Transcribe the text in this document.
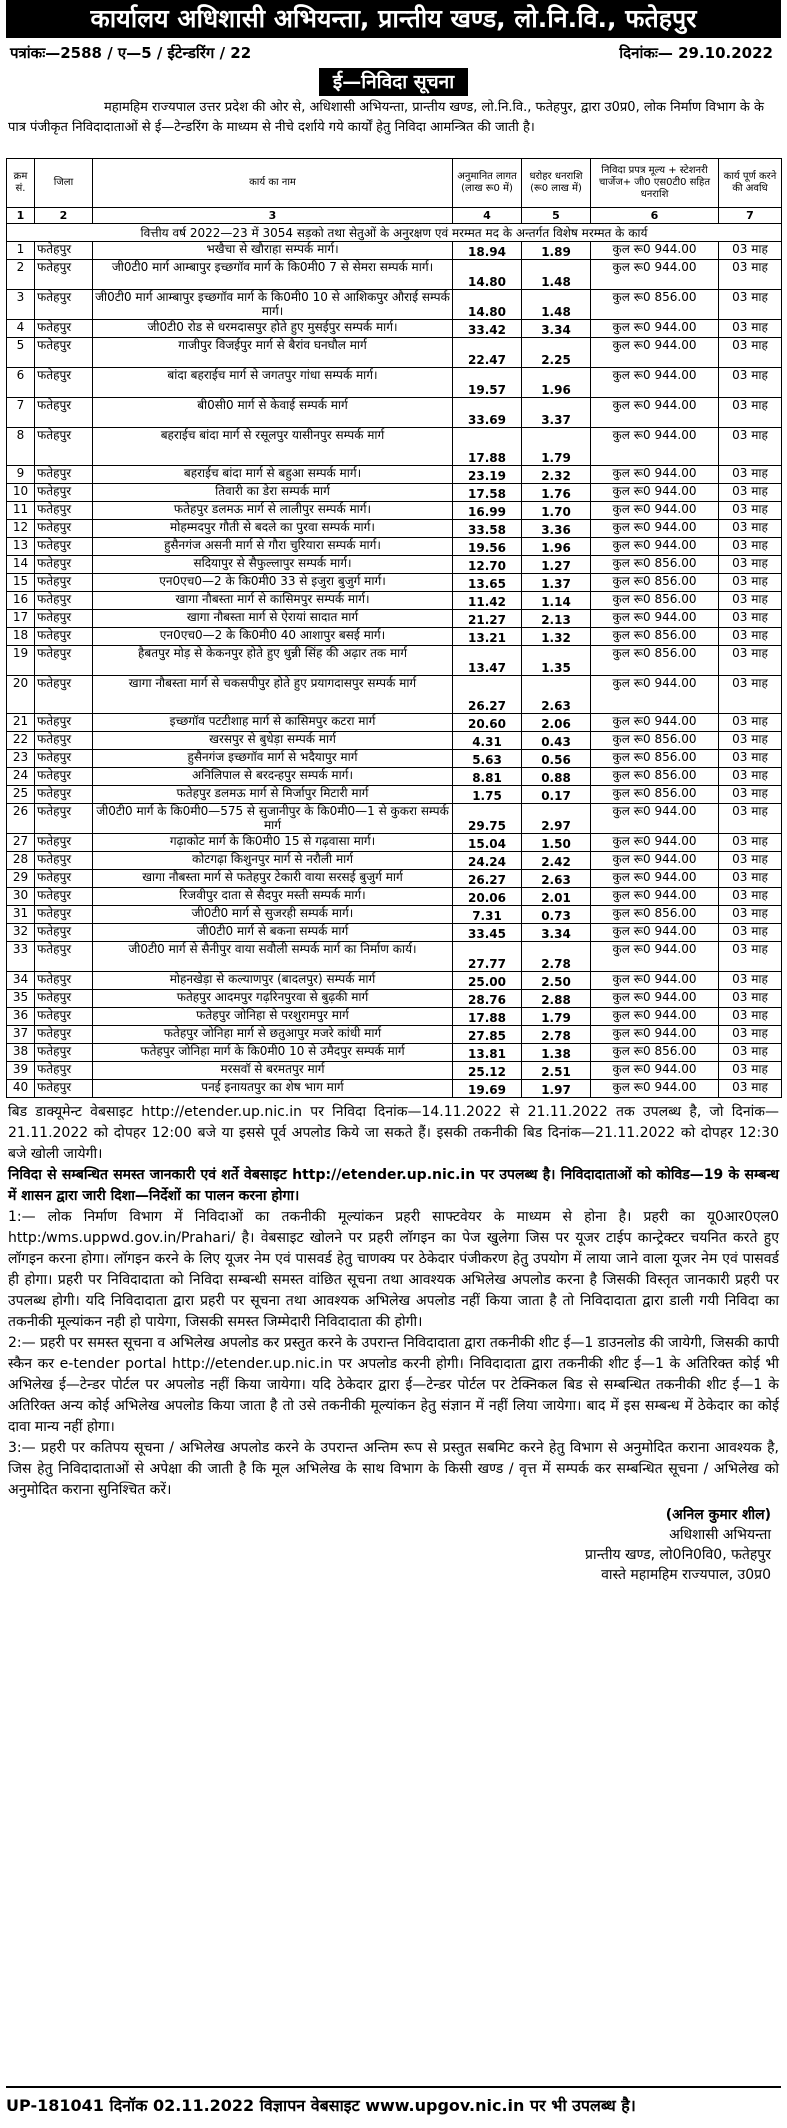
कार्यालय अधिशासी अभियन्ता, प्रान्तीय खण्ड, लो.नि.वि., फतेहपुर
पत्रांकः—2588 / ए—5 / ईटेन्डरिंग / 22	दिनांकः— 29.10.2022
ई—निविदा सूचना
महामहिम राज्यपाल उत्तर प्रदेश की ओर से, अधिशासी अभियन्ता, प्रान्तीय खण्ड, लो.नि.वि., फतेहपुर, द्वारा उ0प्र0, लोक निर्माण विभाग के के पात्र पंजीकृत निविदादाताओं से ई—टेन्डरिंग के माध्यम से नीचे दर्शाये गये कार्यों हेतु निविदा आमन्त्रित की जाती है।
क्रम सं.	जिला	कार्य का नाम	अनुमानित लागत (लाख रू0 में)	धरोहर धनराशि (रू0 लाख में)	निविदा प्रपत्र मूल्य + स्टेशनरी चार्जेज+ जी0 एस0टी0 सहित धनराशि	कार्य पूर्ण करने की अवधि
1	2	3	4	5	6	7
वित्तीय वर्ष 2022—23 में 3054 सड़को तथा सेतुओं के अनुरक्षण एवं मरम्मत मद के अन्तर्गत विशेष मरम्मत के कार्य						
1	फतेहपुर	भखैचा से खौराहा सम्पर्क मार्ग।	18.94	1.89	कुल रू0 944.00	03 माह
2	फतेहपुर	जी0टी0 मार्ग आम्बापुर इच्छगॉव मार्ग के कि0मी0 7 से सेमरा सम्पर्क मार्ग।	14.80	1.48	कुल रू0 944.00	03 माह
3	फतेहपुर	जी0टी0 मार्ग आम्बापुर इच्छगॉव मार्ग के कि0मी0 10 से आशिकपुर औराई सम्पर्क मार्ग।	14.80	1.48	कुल रू0 856.00	03 माह
4	फतेहपुर	जी0टी0 रोड से धरमदासपुर होते हुए मुसईपुर सम्पर्क मार्ग।	33.42	3.34	कुल रू0 944.00	03 माह
5	फतेहपुर	गाजीपुर विजईपुर मार्ग से बैरांव घनघौल मार्ग	22.47	2.25	कुल रू0 944.00	03 माह
6	फतेहपुर	बांदा बहराईच मार्ग से जगतपुर गांधा सम्पर्क मार्ग।	19.57	1.96	कुल रू0 944.00	03 माह
7	फतेहपुर	बी0सी0 मार्ग से केवाई सम्पर्क मार्ग	33.69	3.37	कुल रू0 944.00	03 माह
8	फतेहपुर	बहराईच बांदा मार्ग से रसूलपुर यासीनपुर सम्पर्क मार्ग	17.88	1.79	कुल रू0 944.00	03 माह
9	फतेहपुर	बहराईच बांदा मार्ग से बहुआ सम्पर्क मार्ग।	23.19	2.32	कुल रू0 944.00	03 माह
10	फतेहपुर	तिवारी का डेरा सम्पर्क मार्ग	17.58	1.76	कुल रू0 944.00	03 माह
11	फतेहपुर	फतेहपुर डलमऊ मार्ग से लालीपुर सम्पर्क मार्ग।	16.99	1.70	कुल रू0 944.00	03 माह
12	फतेहपुर	मोहम्मदपुर गौती से बदले का पुरवा सम्पर्क मार्ग।	33.58	3.36	कुल रू0 944.00	03 माह
13	फतेहपुर	हुसैनगंज असनी मार्ग से गौरा चुरियारा सम्पर्क मार्ग।	19.56	1.96	कुल रू0 944.00	03 माह
14	फतेहपुर	सदियापुर से सैफुल्लापुर सम्पर्क मार्ग।	12.70	1.27	कुल रू0 856.00	03 माह
15	फतेहपुर	एन0एच0—2 के कि0मी0 33 से इजुरा बुजुर्ग मार्ग।	13.65	1.37	कुल रू0 856.00	03 माह
16	फतेहपुर	खागा नौबस्ता मार्ग से कासिमपुर सम्पर्क मार्ग।	11.42	1.14	कुल रू0 856.00	03 माह
17	फतेहपुर	खागा नौबस्ता मार्ग से ऐरायां सादात मार्ग	21.27	2.13	कुल रू0 944.00	03 माह
18	फतेहपुर	एन0एच0—2 के कि0मी0 40 आशापुर बसई मार्ग।	13.21	1.32	कुल रू0 856.00	03 माह
19	फतेहपुर	हैबतपुर मोड़ से केकनपुर होते हुए धुन्नी सिंह की अढ़ार तक मार्ग	13.47	1.35	कुल रू0 856.00	03 माह
20	फतेहपुर	खागा नौबस्ता मार्ग से चकसपीपुर होते हुए प्रयागदासपुर सम्पर्क मार्ग	26.27	2.63	कुल रू0 944.00	03 माह
21	फतेहपुर	इच्छगॉव पटटीशाह मार्ग से कासिमपुर कटरा मार्ग	20.60	2.06	कुल रू0 944.00	03 माह
22	फतेहपुर	खरसपुर से बुधेड़ा सम्पर्क मार्ग	4.31	0.43	कुल रू0 856.00	03 माह
23	फतेहपुर	हुसैनगंज इच्छगॉव मार्ग से भदैयापुर मार्ग	5.63	0.56	कुल रू0 856.00	03 माह
24	फतेहपुर	अनिलिपाल से बरदन्हपुर सम्पर्क मार्ग।	8.81	0.88	कुल रू0 856.00	03 माह
25	फतेहपुर	फतेहपुर डलमऊ मार्ग से मिर्जापुर मिटारी मार्ग	1.75	0.17	कुल रू0 856.00	03 माह
26	फतेहपुर	जी0टी0 मार्ग के कि0मी0—575 से सुजानीपुर के कि0मी0—1 से कुकरा सम्पर्क मार्ग	29.75	2.97	कुल रू0 944.00	03 माह
27	फतेहपुर	गढ़ाकोट मार्ग के कि0मी0 15 से गढ़वासा मार्ग।	15.04	1.50	कुल रू0 944.00	03 माह
28	फतेहपुर	कोटगढ़ा किशुनपुर मार्ग से नरौली मार्ग	24.24	2.42	कुल रू0 944.00	03 माह
29	फतेहपुर	खागा नौबस्ता मार्ग से फतेहपुर टेकारी वाया सरसई बुजुर्ग मार्ग	26.27	2.63	कुल रू0 944.00	03 माह
30	फतेहपुर	रिजवीपुर दाता से सैदपुर मस्ती सम्पर्क मार्ग।	20.06	2.01	कुल रू0 944.00	03 माह
31	फतेहपुर	जी0टी0 मार्ग से सुजरही सम्पर्क मार्ग।	7.31	0.73	कुल रू0 856.00	03 माह
32	फतेहपुर	जी0टी0 मार्ग से बकना सम्पर्क मार्ग	33.45	3.34	कुल रू0 944.00	03 माह
33	फतेहपुर	जी0टी0 मार्ग से सैनीपुर वाया सवौली सम्पर्क मार्ग का निर्माण कार्य।	27.77	2.78	कुल रू0 944.00	03 माह
34	फतेहपुर	मोहनखेड़ा से कल्याणपुर (बादलपुर) सम्पर्क मार्ग	25.00	2.50	कुल रू0 944.00	03 माह
35	फतेहपुर	फतेहपुर आदमपुर गढ़रिनपुरवा से बुढ़की मार्ग	28.76	2.88	कुल रू0 944.00	03 माह
36	फतेहपुर	फतेहपुर जोनिहा से परशुरामपुर मार्ग	17.88	1.79	कुल रू0 944.00	03 माह
37	फतेहपुर	फतेहपुर जोनिहा मार्ग से छतुआपुर मजरे कांधी मार्ग	27.85	2.78	कुल रू0 944.00	03 माह
38	फतेहपुर	फतेहपुर जोनिहा मार्ग के कि0मी0 10 से उमैदपुर सम्पर्क मार्ग	13.81	1.38	कुल रू0 856.00	03 माह
39	फतेहपुर	मरसवॉ से बरमतपुर मार्ग	25.12	2.51	कुल रू0 944.00	03 माह
40	फतेहपुर	पनई इनायतपुर का शेष भाग मार्ग	19.69	1.97	कुल रू0 944.00	03 माह

बिड डाक्यूमेन्ट वेबसाइट http://etender.up.nic.in पर निविदा दिनांक—14.11.2022 से 21.11.2022 तक उपलब्ध है, जो दिनांक—21.11.2022 को दोपहर 12:00 बजे या इससे पूर्व अपलोड किये जा सकते हैं। इसकी तकनीकी बिड दिनांक—21.11.2022 को दोपहर 12:30 बजे खोली जायेगी।

निविदा से सम्बन्धित समस्त जानकारी एवं शर्ते वेबसाइट http://etender.up.nic.in पर उपलब्ध है। निविदादाताओं को कोविड—19 के सम्बन्ध में शासन द्वारा जारी दिशा—निर्देशों का पालन करना होगा।

1:— लोक निर्माण विभाग में निविदाओं का तकनीकी मूल्यांकन प्रहरी साफ्टवेयर के माध्यम से होना है। प्रहरी का यू0आर0एल0 http:/wms.uppwd.gov.in/Prahari/ है। वेबसाइट खोलने पर प्रहरी लॉगइन का पेज खुलेगा जिस पर यूजर टाईप कान्ट्रेक्टर चयनित करते हुए लॉगइन करना होगा। लॉगइन करने के लिए यूजर नेम एवं पासवर्ड हेतु चाणक्य पर ठेकेदार पंजीकरण हेतु उपयोग में लाया जाने वाला यूजर नेम एवं पासवर्ड ही होगा। प्रहरी पर निविदादाता को निविदा सम्बन्धी समस्त वांछित सूचना तथा आवश्यक अभिलेख अपलोड करना है जिसकी विस्तृत जानकारी प्रहरी पर उपलब्ध होगी। यदि निविदादाता द्वारा प्रहरी पर सूचना तथा आवश्यक अभिलेख अपलोड नहीं किया जाता है तो निविदादाता द्वारा डाली गयी निविदा का तकनीकी मूल्यांकन नही हो पायेगा, जिसकी समस्त जिम्मेदारी निविदादाता की होगी।

2:— प्रहरी पर समस्त सूचना व अभिलेख अपलोड कर प्रस्तुत करने के उपरान्त निविदादाता द्वारा तकनीकी शीट ई—1 डाउनलोड की जायेगी, जिसकी कापी स्कैन कर e-tender portal http://etender.up.nic.in पर अपलोड करनी होगी। निविदादाता द्वारा तकनीकी शीट ई—1 के अतिरिक्त कोई भी अभिलेख ई—टेन्डर पोर्टल पर अपलोड नहीं किया जायेगा। यदि ठेकेदार द्वारा ई—टेन्डर पोर्टल पर टेक्निकल बिड से सम्बन्धित तकनीकी शीट ई—1 के अतिरिक्त अन्य कोई अभिलेख अपलोड किया जाता है तो उसे तकनीकी मूल्यांकन हेतु संज्ञान में नहीं लिया जायेगा। बाद में इस सम्बन्ध में ठेकेदार का कोई दावा मान्य नहीं होगा।

3:— प्रहरी पर कतिपय सूचना / अभिलेख अपलोड करने के उपरान्त अन्तिम रूप से प्रस्तुत सबमिट करने हेतु विभाग से अनुमोदित कराना आवश्यक है, जिस हेतु निविदादाताओं से अपेक्षा की जाती है कि मूल अभिलेख के साथ विभाग के किसी खण्ड / वृत्त में सम्पर्क कर सम्बन्धित सूचना / अभिलेख को अनुमोदित कराना सुनिश्चित करें।

(अनिल कुमार शील)
अधिशासी अभियन्ता
प्रान्तीय खण्ड, लो0नि0वि0, फतेहपुर
वास्ते महामहिम राज्यपाल, उ0प्र0
UP-181041 दिनॉक 02.11.2022 विज्ञापन वेबसाइट www.upgov.nic.in पर भी उपलब्ध है।
